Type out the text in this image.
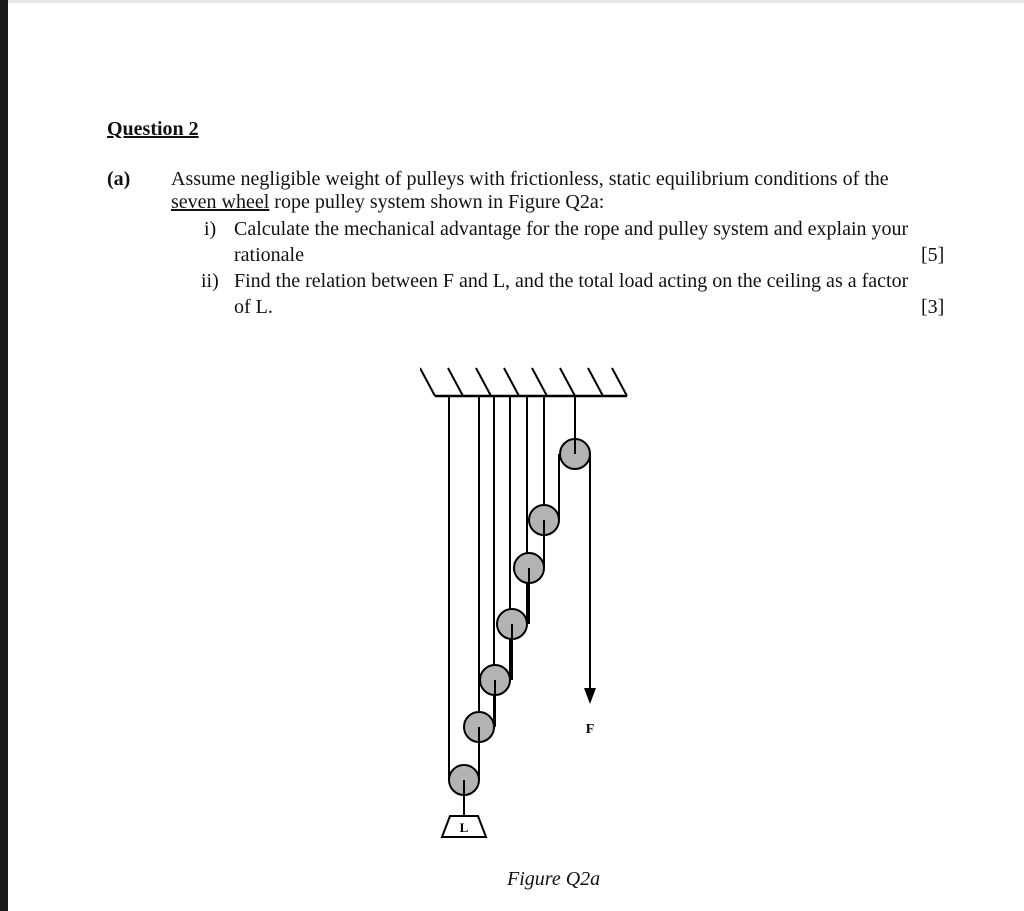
Question 2
(a) Assume negligible weight of pulleys with frictionless, static equilibrium conditions of the
seven wheel rope pulley system shown in Figure Q2a:
i) Calculate the mechanical advantage for the rope and pulley system and explain your
rationale	[5]
ii) Find the relation between F and L, and the total load acting on the ceiling as a factor
of L.	[3]
F
L
Figure Q2a
